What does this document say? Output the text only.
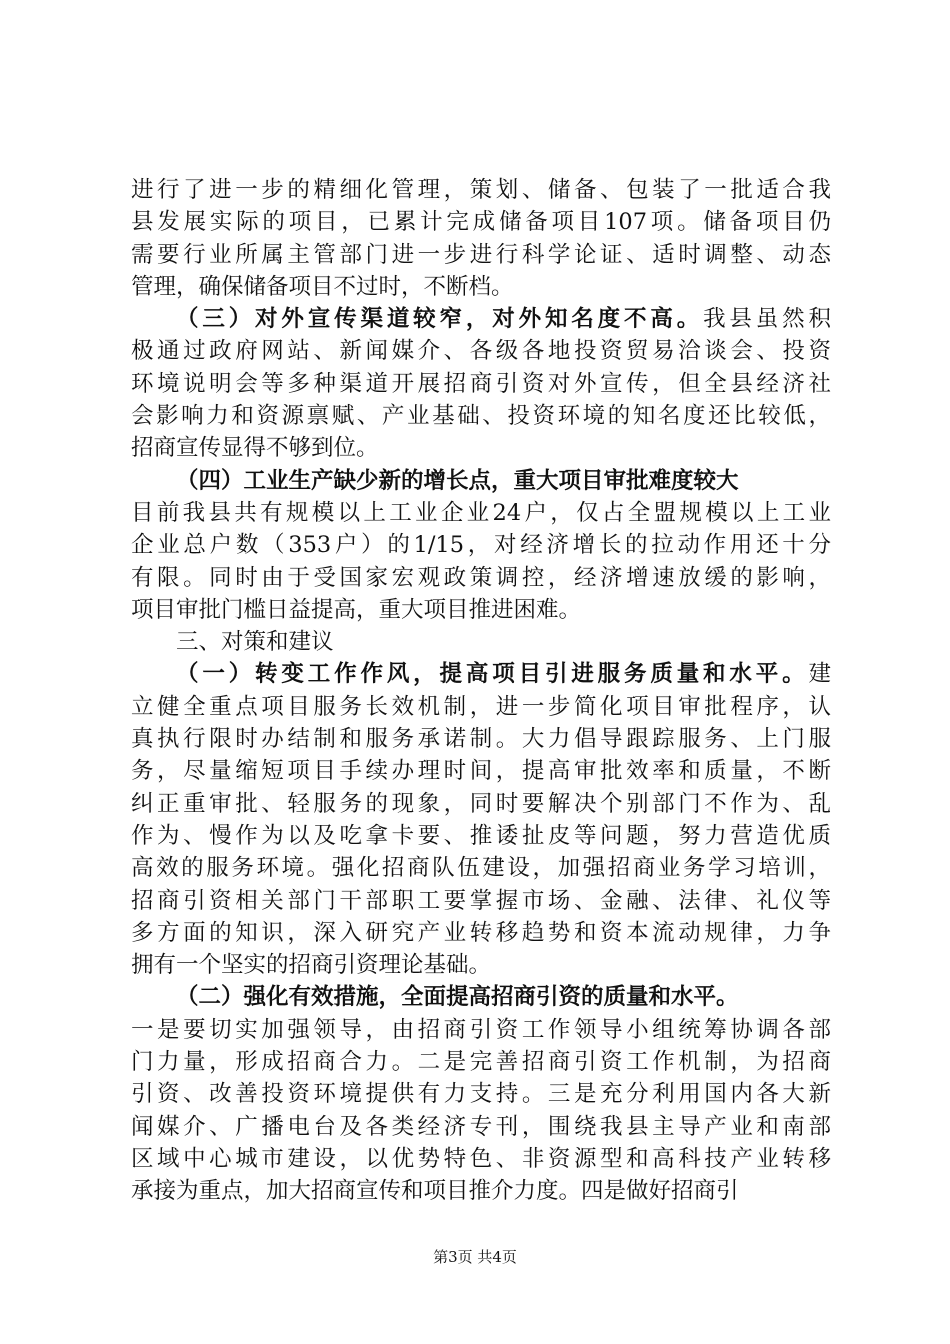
进行了进一步的精细化管理，策划、储备、包装了一批适合我
县发展实际的项目，已累计完成储备项目107项。储备项目仍
需要行业所属主管部门进一步进行科学论证、适时调整、动态
管理，确保储备项目不过时，不断档。
（三）对外宣传渠道较窄，对外知名度不高。我县虽然积
极通过政府网站、新闻媒介、各级各地投资贸易洽谈会、投资
环境说明会等多种渠道开展招商引资对外宣传，但全县经济社
会影响力和资源禀赋、产业基础、投资环境的知名度还比较低，
招商宣传显得不够到位。
（四）工业生产缺少新的增长点，重大项目审批难度较大
目前我县共有规模以上工业企业24户，仅占全盟规模以上工业
企业总户数（353户）的1/15，对经济增长的拉动作用还十分
有限。同时由于受国家宏观政策调控，经济增速放缓的影响，
项目审批门槛日益提高，重大项目推进困难。
三、对策和建议
（一）转变工作作风，提高项目引进服务质量和水平。建
立健全重点项目服务长效机制，进一步简化项目审批程序，认
真执行限时办结制和服务承诺制。大力倡导跟踪服务、上门服
务，尽量缩短项目手续办理时间，提高审批效率和质量，不断
纠正重审批、轻服务的现象，同时要解决个别部门不作为、乱
作为、慢作为以及吃拿卡要、推诿扯皮等问题，努力营造优质
高效的服务环境。强化招商队伍建设，加强招商业务学习培训，
招商引资相关部门干部职工要掌握市场、金融、法律、礼仪等
多方面的知识，深入研究产业转移趋势和资本流动规律，力争
拥有一个坚实的招商引资理论基础。
（二）强化有效措施，全面提高招商引资的质量和水平。
一是要切实加强领导，由招商引资工作领导小组统筹协调各部
门力量，形成招商合力。二是完善招商引资工作机制，为招商
引资、改善投资环境提供有力支持。三是充分利用国内各大新
闻媒介、广播电台及各类经济专刊，围绕我县主导产业和南部
区域中心城市建设，以优势特色、非资源型和高科技产业转移
承接为重点，加大招商宣传和项目推介力度。四是做好招商引
第3页 共4页
